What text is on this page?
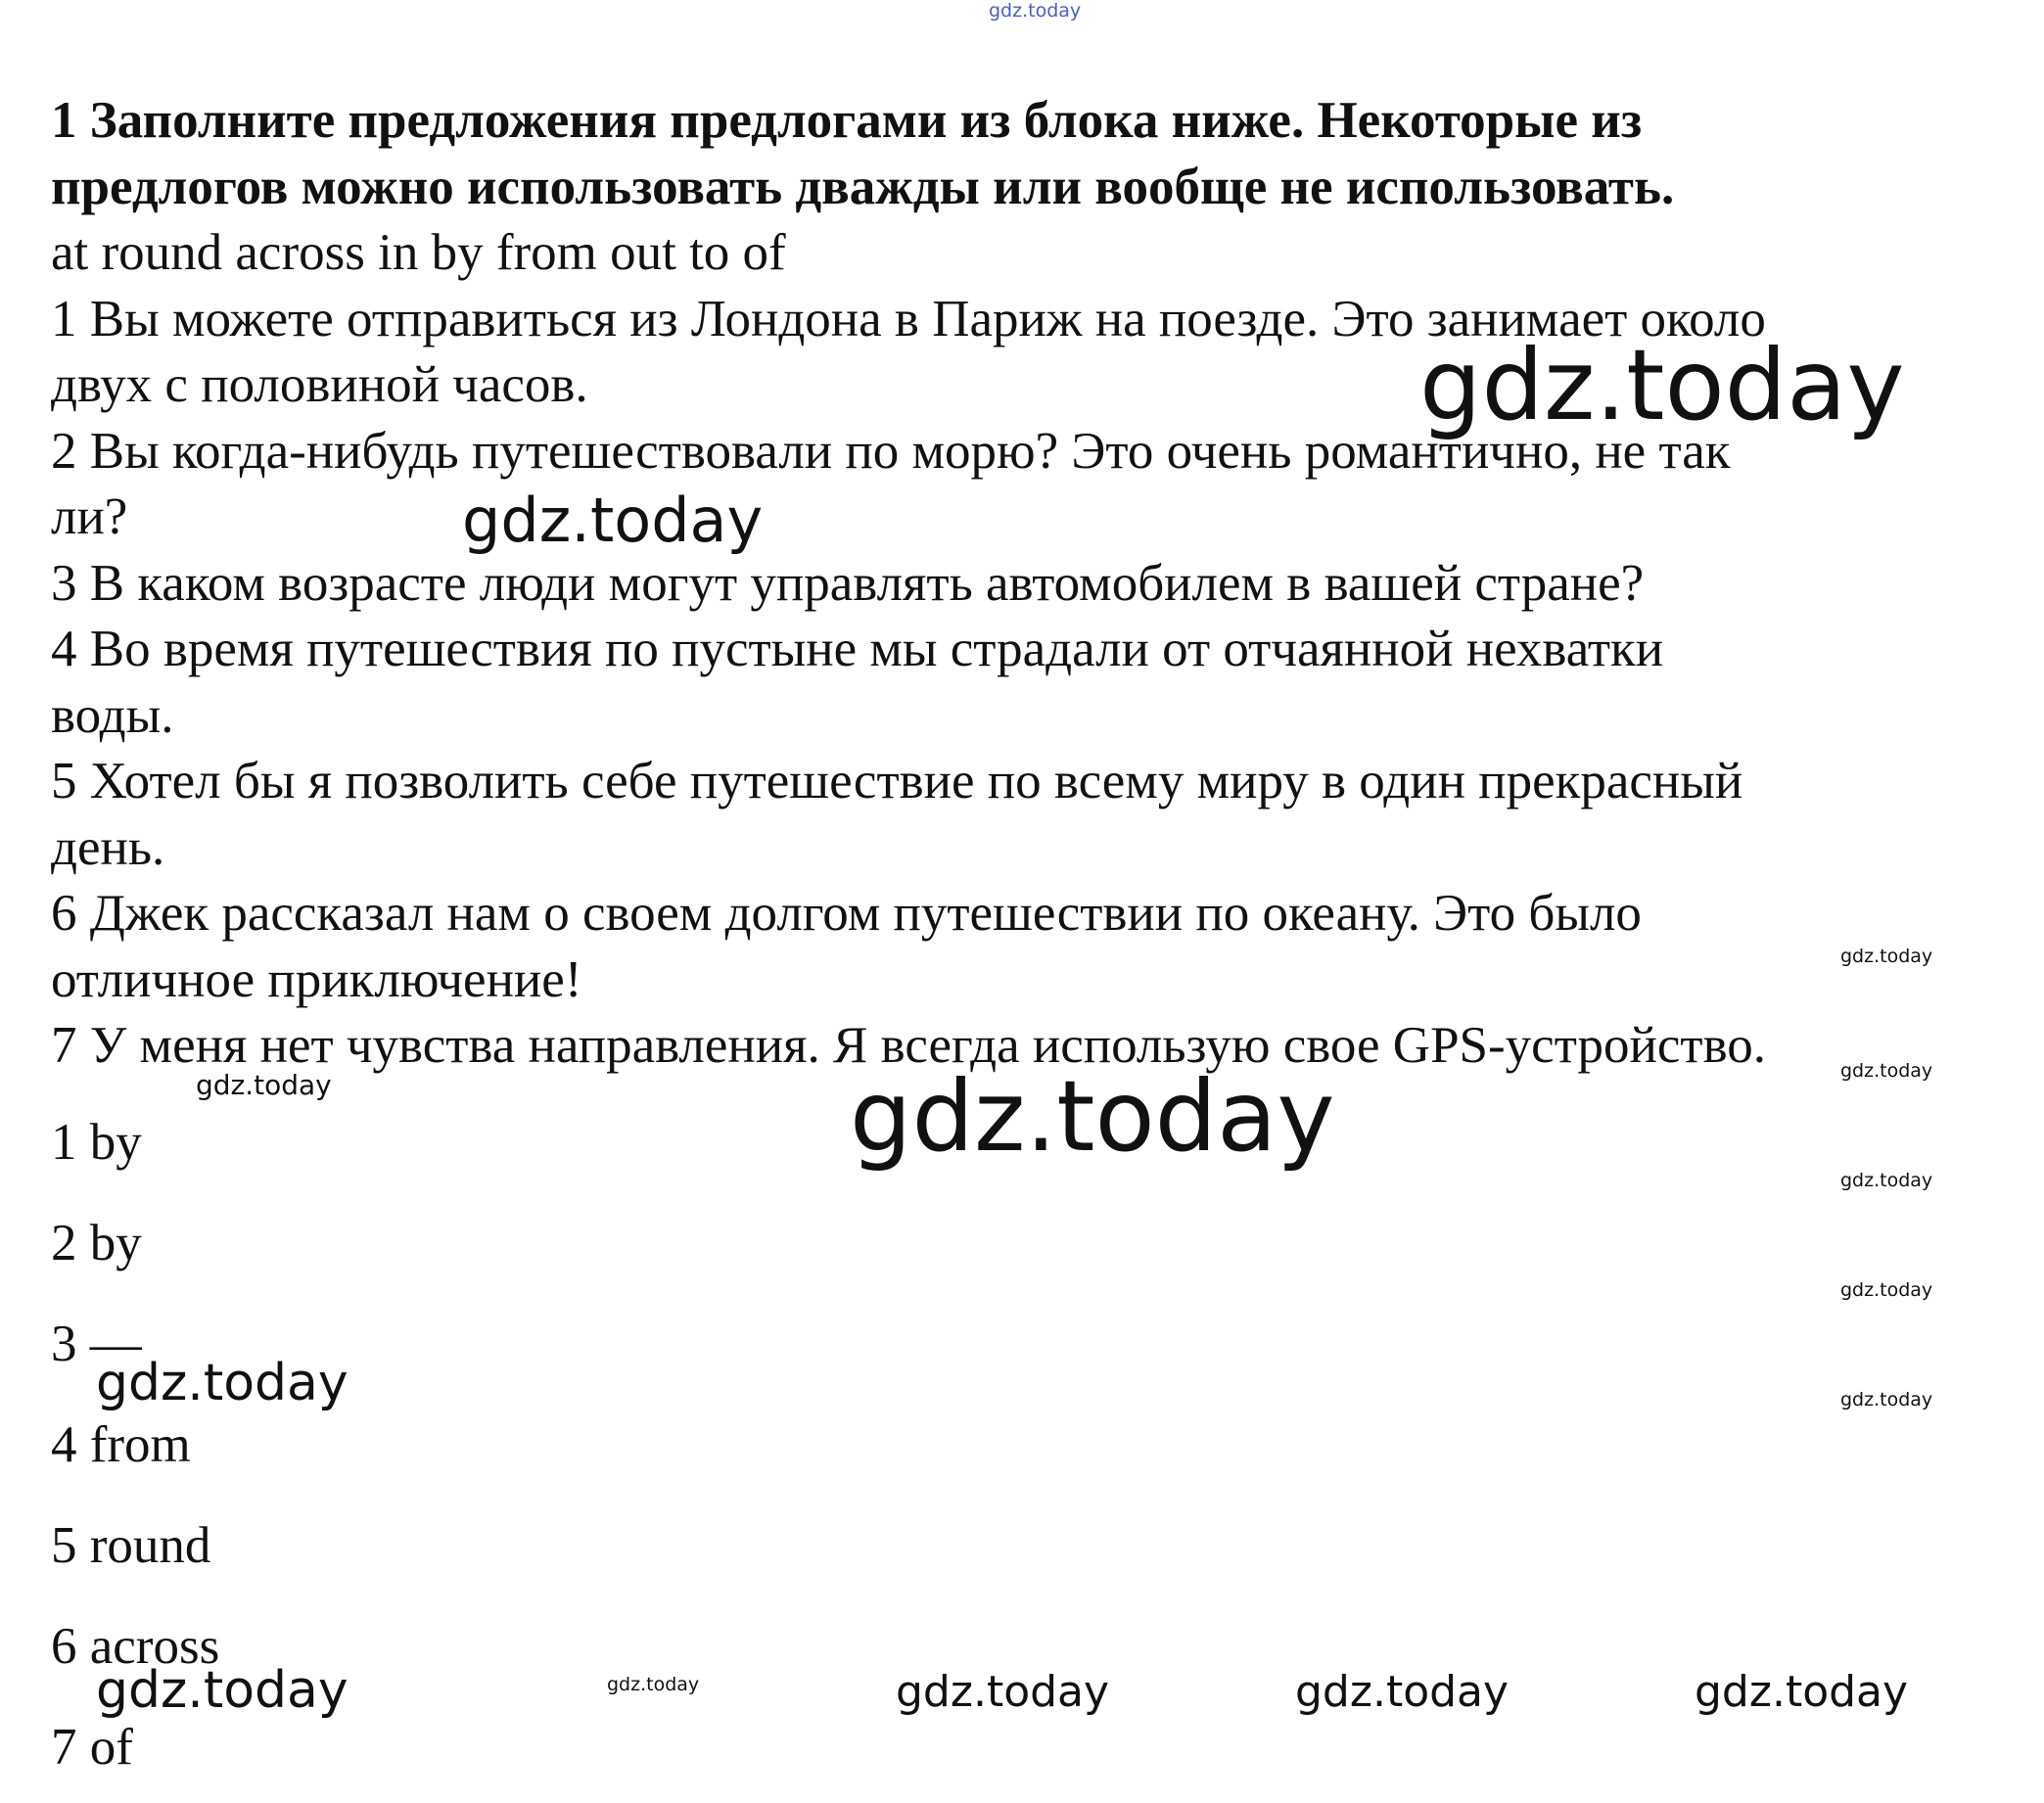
gdz.today

1 Заполните предложения предлогами из блока ниже. Некоторые из

предлогов можно использовать дважды или вообще не использовать.

at round across in by from out to of

1 Вы можете отправиться из Лондона в Париж на поезде. Это занимает около

двух с половиной часов.

2 Вы когда-нибудь путешествовали по морю? Это очень романтично, не так

ли?

3 В каком возрасте люди могут управлять автомобилем в вашей стране?

4 Во время путешествия по пустыне мы страдали от отчаянной нехватки

воды.

5 Хотел бы я позволить себе путешествие по всему миру в один прекрасный

день.

6 Джек рассказал нам о своем долгом путешествии по океану. Это было

отличное приключение!

7 У меня нет чувства направления. Я всегда использую свое GPS-устройство.

1 by

2 by

3 —

4 from

5 round

6 across

7 of

gdz.today
gdz.today
gdz.today
gdz.today
gdz.today
gdz.today
gdz.today
gdz.today	gdz.today
gdz.today
gdz.today	gdz.today	gdz.today	gdz.today	gdz.today
